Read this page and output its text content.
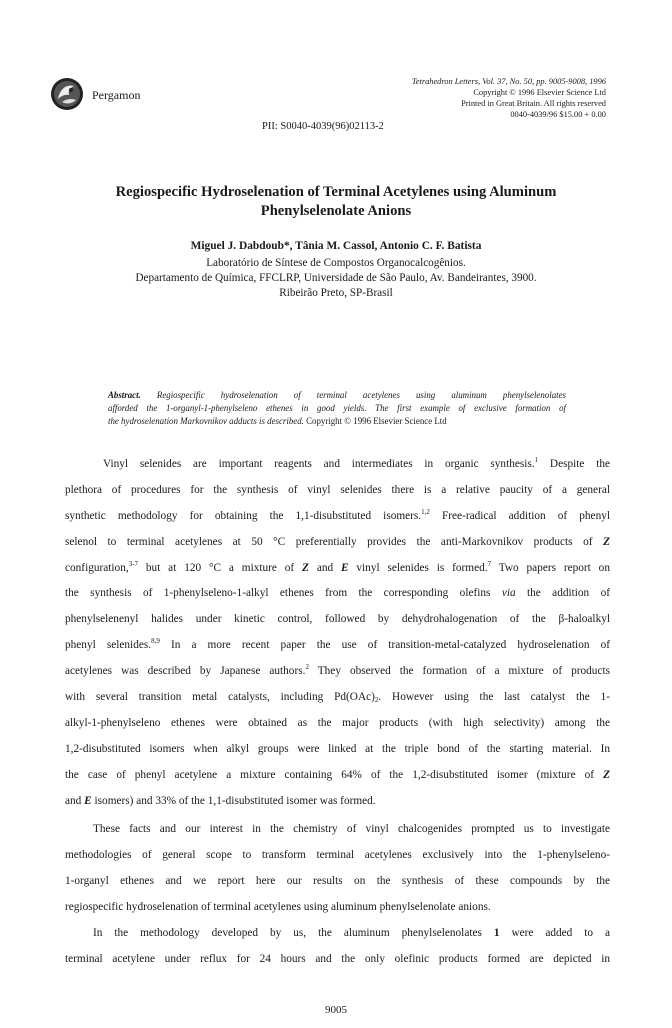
Pergamon
Tetrahedron Letters, Vol. 37, No. 50, pp. 9005-9008, 1996
Copyright © 1996 Elsevier Science Ltd
Printed in Great Britain. All rights reserved
0040-4039/96 $15.00 + 0.00
PII: S0040-4039(96)02113-2
Regiospecific Hydroselenation of Terminal Acetylenes using Aluminum
Phenylselenolate Anions
Miguel J. Dabdoub*, Tânia M. Cassol, Antonio C. F. Batista
Laboratório de Síntese de Compostos Organocalcogênios.
Departamento de Química, FFCLRP, Universidade de São Paulo, Av. Bandeirantes, 3900.
Ribeirão Preto, SP-Brasil
Abstract. Regiospecific hydroselenation of terminal acetylenes using aluminum phenylselenolates
afforded the 1-organyl-1-phenylseleno ethenes in good yields. The first example of exclusive formation of
the hydroselenation Markovnikov adducts is described. Copyright © 1996 Elsevier Science Ltd
Vinyl selenides are important reagents and intermediates in organic synthesis.$^1$ Despite the
plethora of procedures for the synthesis of vinyl selenides there is a relative paucity of a general
synthetic methodology for obtaining the 1,1-disubstituted isomers.$^{1,2}$ Free-radical addition of phenyl
selenol to terminal acetylenes at 50 °C preferentially provides the anti-Markovnikov products of Z
configuration,$^{3-7}$ but at 120 °C a mixture of Z and E vinyl selenides is formed.$^7$ Two papers report on
the synthesis of 1-phenylseleno-1-alkyl ethenes from the corresponding olefins via the addition of
phenylselenenyl halides under kinetic control, followed by dehydrohalogenation of the β-haloalkyl
phenyl selenides.$^{8,9}$ In a more recent paper the use of transition-metal-catalyzed hydroselenation of
acetylenes was described by Japanese authors.$^2$ They observed the formation of a mixture of products
with several transition metal catalysts, including $Pd(OAc)_2$. However using the last catalyst the 1-
alkyl-1-phenylseleno ethenes were obtained as the major products (with high selectivity) among the
1,2-disubstituted isomers when alkyl groups were linked at the triple bond of the starting material. In
the case of phenyl acetylene a mixture containing 64% of the 1,2-disubstituted isomer (mixture of Z
and E isomers) and 33% of the 1,1-disubstituted isomer was formed.
These facts and our interest in the chemistry of vinyl chalcogenides prompted us to investigate
methodologies of general scope to transform terminal acetylenes exclusively into the 1-phenylseleno-
1-organyl ethenes and we report here our results on the synthesis of these compounds by the
regiospecific hydroselenation of terminal acetylenes using aluminum phenylselenolate anions.
In the methodology developed by us, the aluminum phenylselenolates 1 were added to a
terminal acetylene under reflux for 24 hours and the only olefinic products formed are depicted in
9005
